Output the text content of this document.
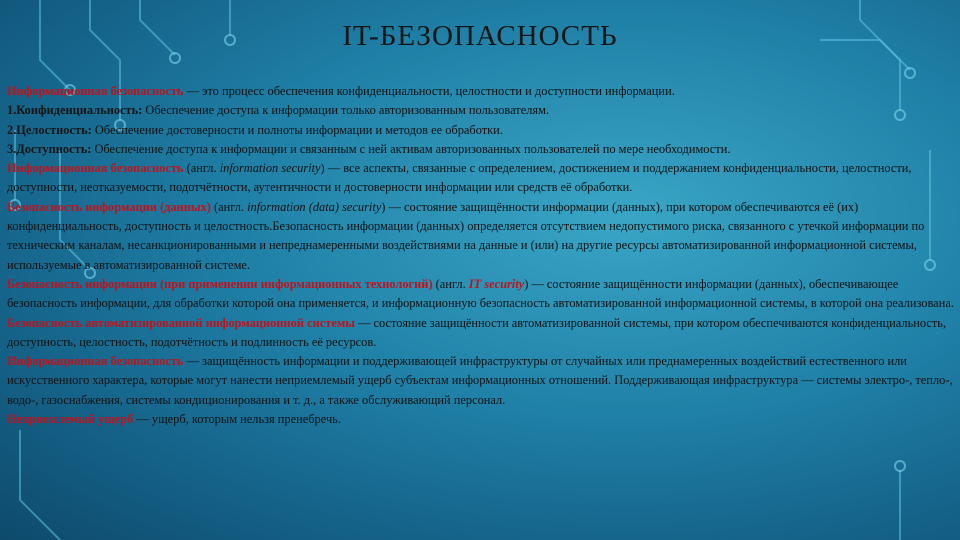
IT-БЕЗОПАСНОСТЬ

Информационная безопасность — это процесс обеспечения конфиденциальности, целостности и доступности информации.

1.Конфиденциальность: Обеспечение доступа к информации только авторизованным пользователям.

2.Целостность: Обеспечение достоверности и полноты информации и методов ее обработки.

3.Доступность: Обеспечение доступа к информации и связанным с ней активам авторизованных пользователей по мере необходимости.

Информационная безопасность (англ. information security) — все аспекты, связанные с определением, достижением и поддержанием конфиденциальности, целостности, доступности, неотказуемости, подотчётности, аутентичности и достоверности информации или средств её обработки.

Безопасность информации (данных) (англ. information (data) security) — состояние защищённости информации (данных), при котором обеспечиваются её (их) конфиденциальность, доступность и целостность.Безопасность информации (данных) определяется отсутствием недопустимого риска, связанного с утечкой информации по техническим каналам, несанкционированными и непреднамеренными воздействиями на данные и (или) на другие ресурсы автоматизированной информационной системы, используемые в автоматизированной системе.

Безопасность информации (при применении информационных технологий) (англ. IT security) — состояние защищённости информации (данных), обеспечивающее безопасность информации, для обработки которой она применяется, и информационную безопасность автоматизированной информационной системы, в которой она реализована.

Безопасность автоматизированной информационной системы — состояние защищённости автоматизированной системы, при котором обеспечиваются конфиденциальность, доступность, целостность, подотчётность и подлинность её ресурсов.

Информационная безопасность — защищённость информации и поддерживающей инфраструктуры от случайных или преднамеренных воздействий естественного или искусственного характера, которые могут нанести неприемлемый ущерб субъектам информационных отношений. Поддерживающая инфраструктура — системы электро-, тепло-, водо-, газоснабжения, системы кондиционирования и т. д., а также обслуживающий персонал.

Неприемлемый ущерб — ущерб, которым нельзя пренебречь.
